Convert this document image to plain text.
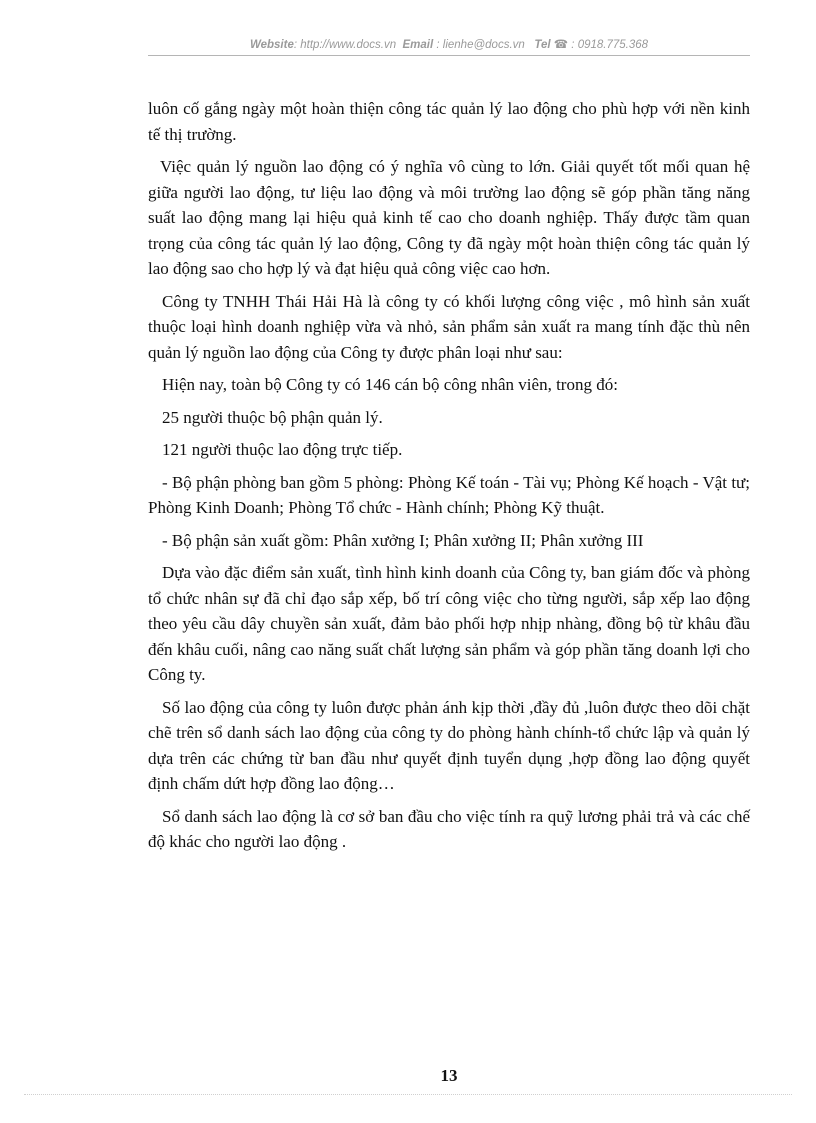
Website: http://www.docs.vn Email : lienhe@docs.vn Tel ☎ : 0918.775.368

luôn cố gắng ngày một hoàn thiện công tác quản lý lao động cho phù hợp với nền kinh tế thị trường.

Việc quản lý nguồn lao động có ý nghĩa vô cùng to lớn. Giải quyết tốt mối quan hệ giữa người lao động, tư liệu lao động và môi trường lao động sẽ góp phần tăng năng suất lao động mang lại hiệu quả kinh tế cao cho doanh nghiệp. Thấy được tầm quan trọng của công tác quản lý lao động, Công ty đã ngày một hoàn thiện công tác quản lý lao động sao cho hợp lý và đạt hiệu quả công việc cao hơn.

Công ty TNHH Thái Hải Hà là công ty có khối lượng công việc , mô hình sản xuất thuộc loại hình doanh nghiệp vừa và nhỏ, sản phẩm sản xuất ra mang tính đặc thù nên quản lý nguồn lao động của Công ty được phân loại như sau:

Hiện nay, toàn bộ Công ty có 146 cán bộ công nhân viên, trong đó:

25 người thuộc bộ phận quản lý.

121 người thuộc lao động trực tiếp.

- Bộ phận phòng ban gồm 5 phòng: Phòng Kế toán - Tài vụ; Phòng Kế hoạch - Vật tư; Phòng Kinh Doanh; Phòng Tổ chức - Hành chính; Phòng Kỹ thuật.

- Bộ phận sản xuất gồm: Phân xưởng I; Phân xưởng II; Phân xưởng III

Dựa vào đặc điểm sản xuất, tình hình kinh doanh của Công ty, ban giám đốc và phòng tổ chức nhân sự đã chỉ đạo sắp xếp, bố trí công việc cho từng người, sắp xếp lao động theo yêu cầu dây chuyền sản xuất, đảm bảo phối hợp nhịp nhàng, đồng bộ từ khâu đầu đến khâu cuối, nâng cao năng suất chất lượng sản phẩm và góp phần tăng doanh lợi cho Công ty.

Số lao động của công ty luôn được phản ánh kịp thời ,đầy đủ ,luôn được theo dõi chặt chẽ trên sổ danh sách lao động của công ty do phòng hành chính-tổ chức lập và quản lý dựa trên các chứng từ ban đầu như quyết định tuyển dụng ,hợp đồng lao động quyết định chấm dứt hợp đồng lao động…

Sổ danh sách lao động là cơ sở ban đầu cho việc tính ra quỹ lương phải trả và các chế độ khác cho người lao động .

13
